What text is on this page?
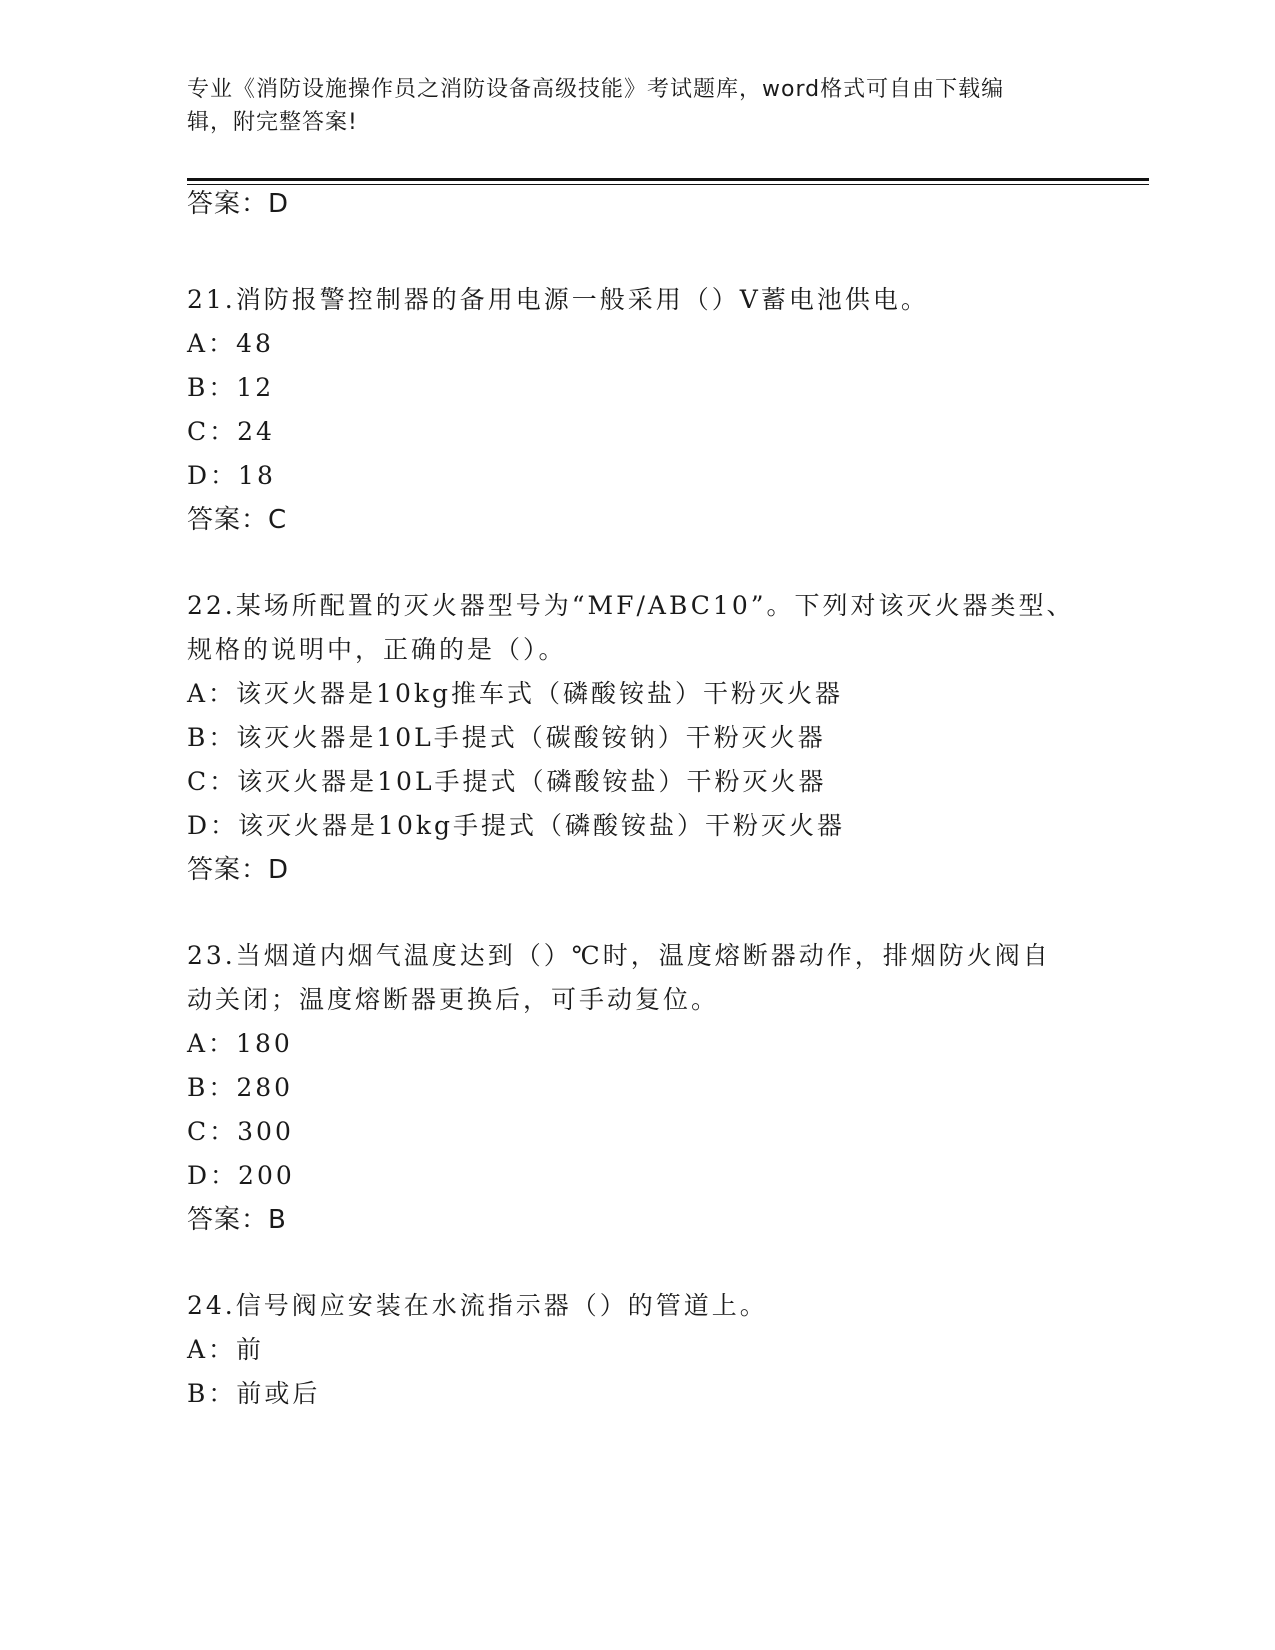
专业《消防设施操作员之消防设备高级技能》考试题库，word格式可自由下载编
辑，附完整答案!
答案：D
21.消防报警控制器的备用电源一般采用（）V蓄电池供电。
A：48
B：12
C：24
D：18
答案：C
22.某场所配置的灭火器型号为“MF/ABC10”。下列对该灭火器类型、
规格的说明中，正确的是（）。
A：该灭火器是10kg推车式（磷酸铵盐）干粉灭火器
B：该灭火器是10L手提式（碳酸铵钠）干粉灭火器
C：该灭火器是10L手提式（磷酸铵盐）干粉灭火器
D：该灭火器是10kg手提式（磷酸铵盐）干粉灭火器
答案：D
23.当烟道内烟气温度达到（）℃时，温度熔断器动作，排烟防火阀自
动关闭；温度熔断器更换后，可手动复位。
A：180
B：280
C：300
D：200
答案：B
24.信号阀应安装在水流指示器（）的管道上。
A：前
B：前或后
